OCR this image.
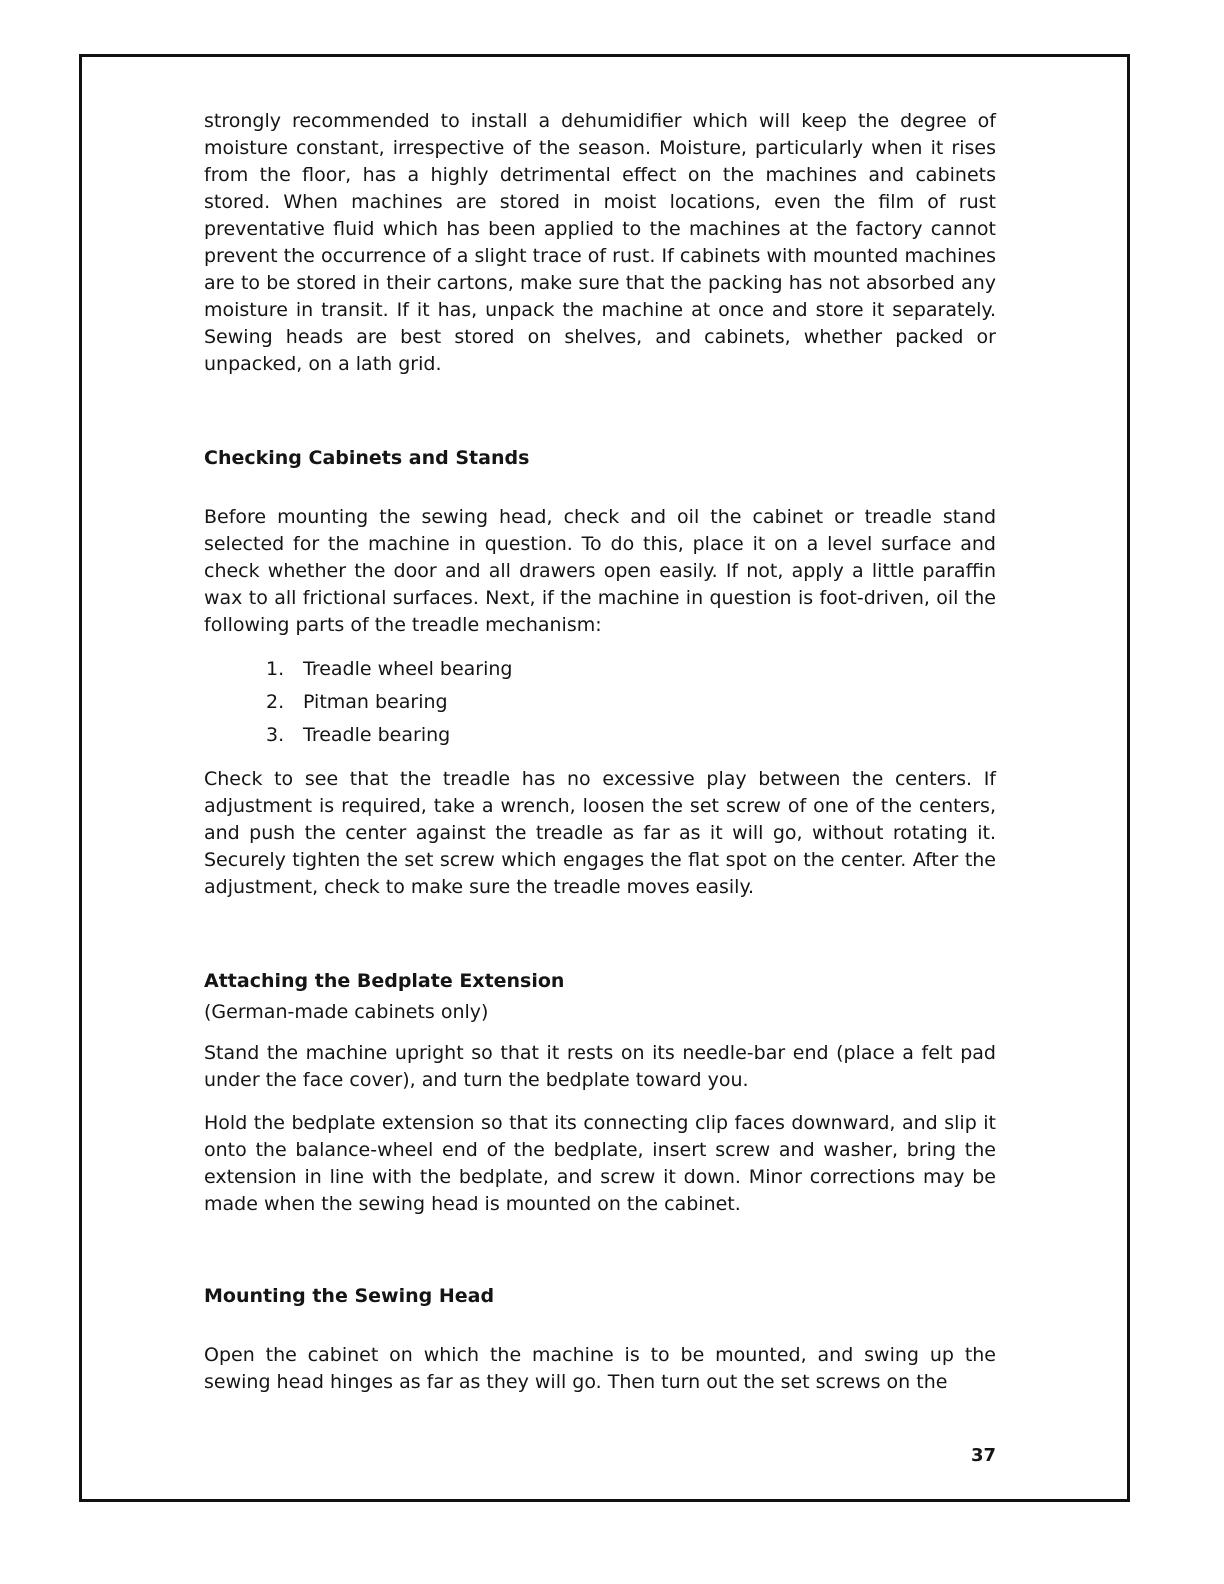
strongly recommended to install a dehumidifier which will keep the degree of moisture constant, irrespective of the season. Moisture, particularly when it rises from the floor, has a highly detrimental effect on the machines and cabinets stored. When machines are stored in moist locations, even the film of rust preventative fluid which has been applied to the machines at the factory cannot prevent the occurrence of a slight trace of rust. If cabinets with mounted machines are to be stored in their cartons, make sure that the packing has not absorbed any moisture in transit. If it has, unpack the machine at once and store it separately. Sewing heads are best stored on shelves, and cabinets, whether packed or unpacked, on a lath grid.

Checking Cabinets and Stands

Before mounting the sewing head, check and oil the cabinet or treadle stand selected for the machine in question. To do this, place it on a level surface and check whether the door and all drawers open easily. If not, apply a little paraffin wax to all frictional surfaces. Next, if the machine in question is foot-driven, oil the following parts of the treadle mechanism:

1. Treadle wheel bearing
2. Pitman bearing
3. Treadle bearing

Check to see that the treadle has no excessive play between the centers. If adjustment is required, take a wrench, loosen the set screw of one of the centers, and push the center against the treadle as far as it will go, without rotating it. Securely tighten the set screw which engages the flat spot on the center. After the adjustment, check to make sure the treadle moves easily.

Attaching the Bedplate Extension

(German-made cabinets only)

Stand the machine upright so that it rests on its needle-bar end (place a felt pad under the face cover), and turn the bedplate toward you.

Hold the bedplate extension so that its connecting clip faces downward, and slip it onto the balance-wheel end of the bedplate, insert screw and washer, bring the extension in line with the bedplate, and screw it down. Minor corrections may be made when the sewing head is mounted on the cabinet.

Mounting the Sewing Head

Open the cabinet on which the machine is to be mounted, and swing up the sewing head hinges as far as they will go. Then turn out the set screws on the

37
